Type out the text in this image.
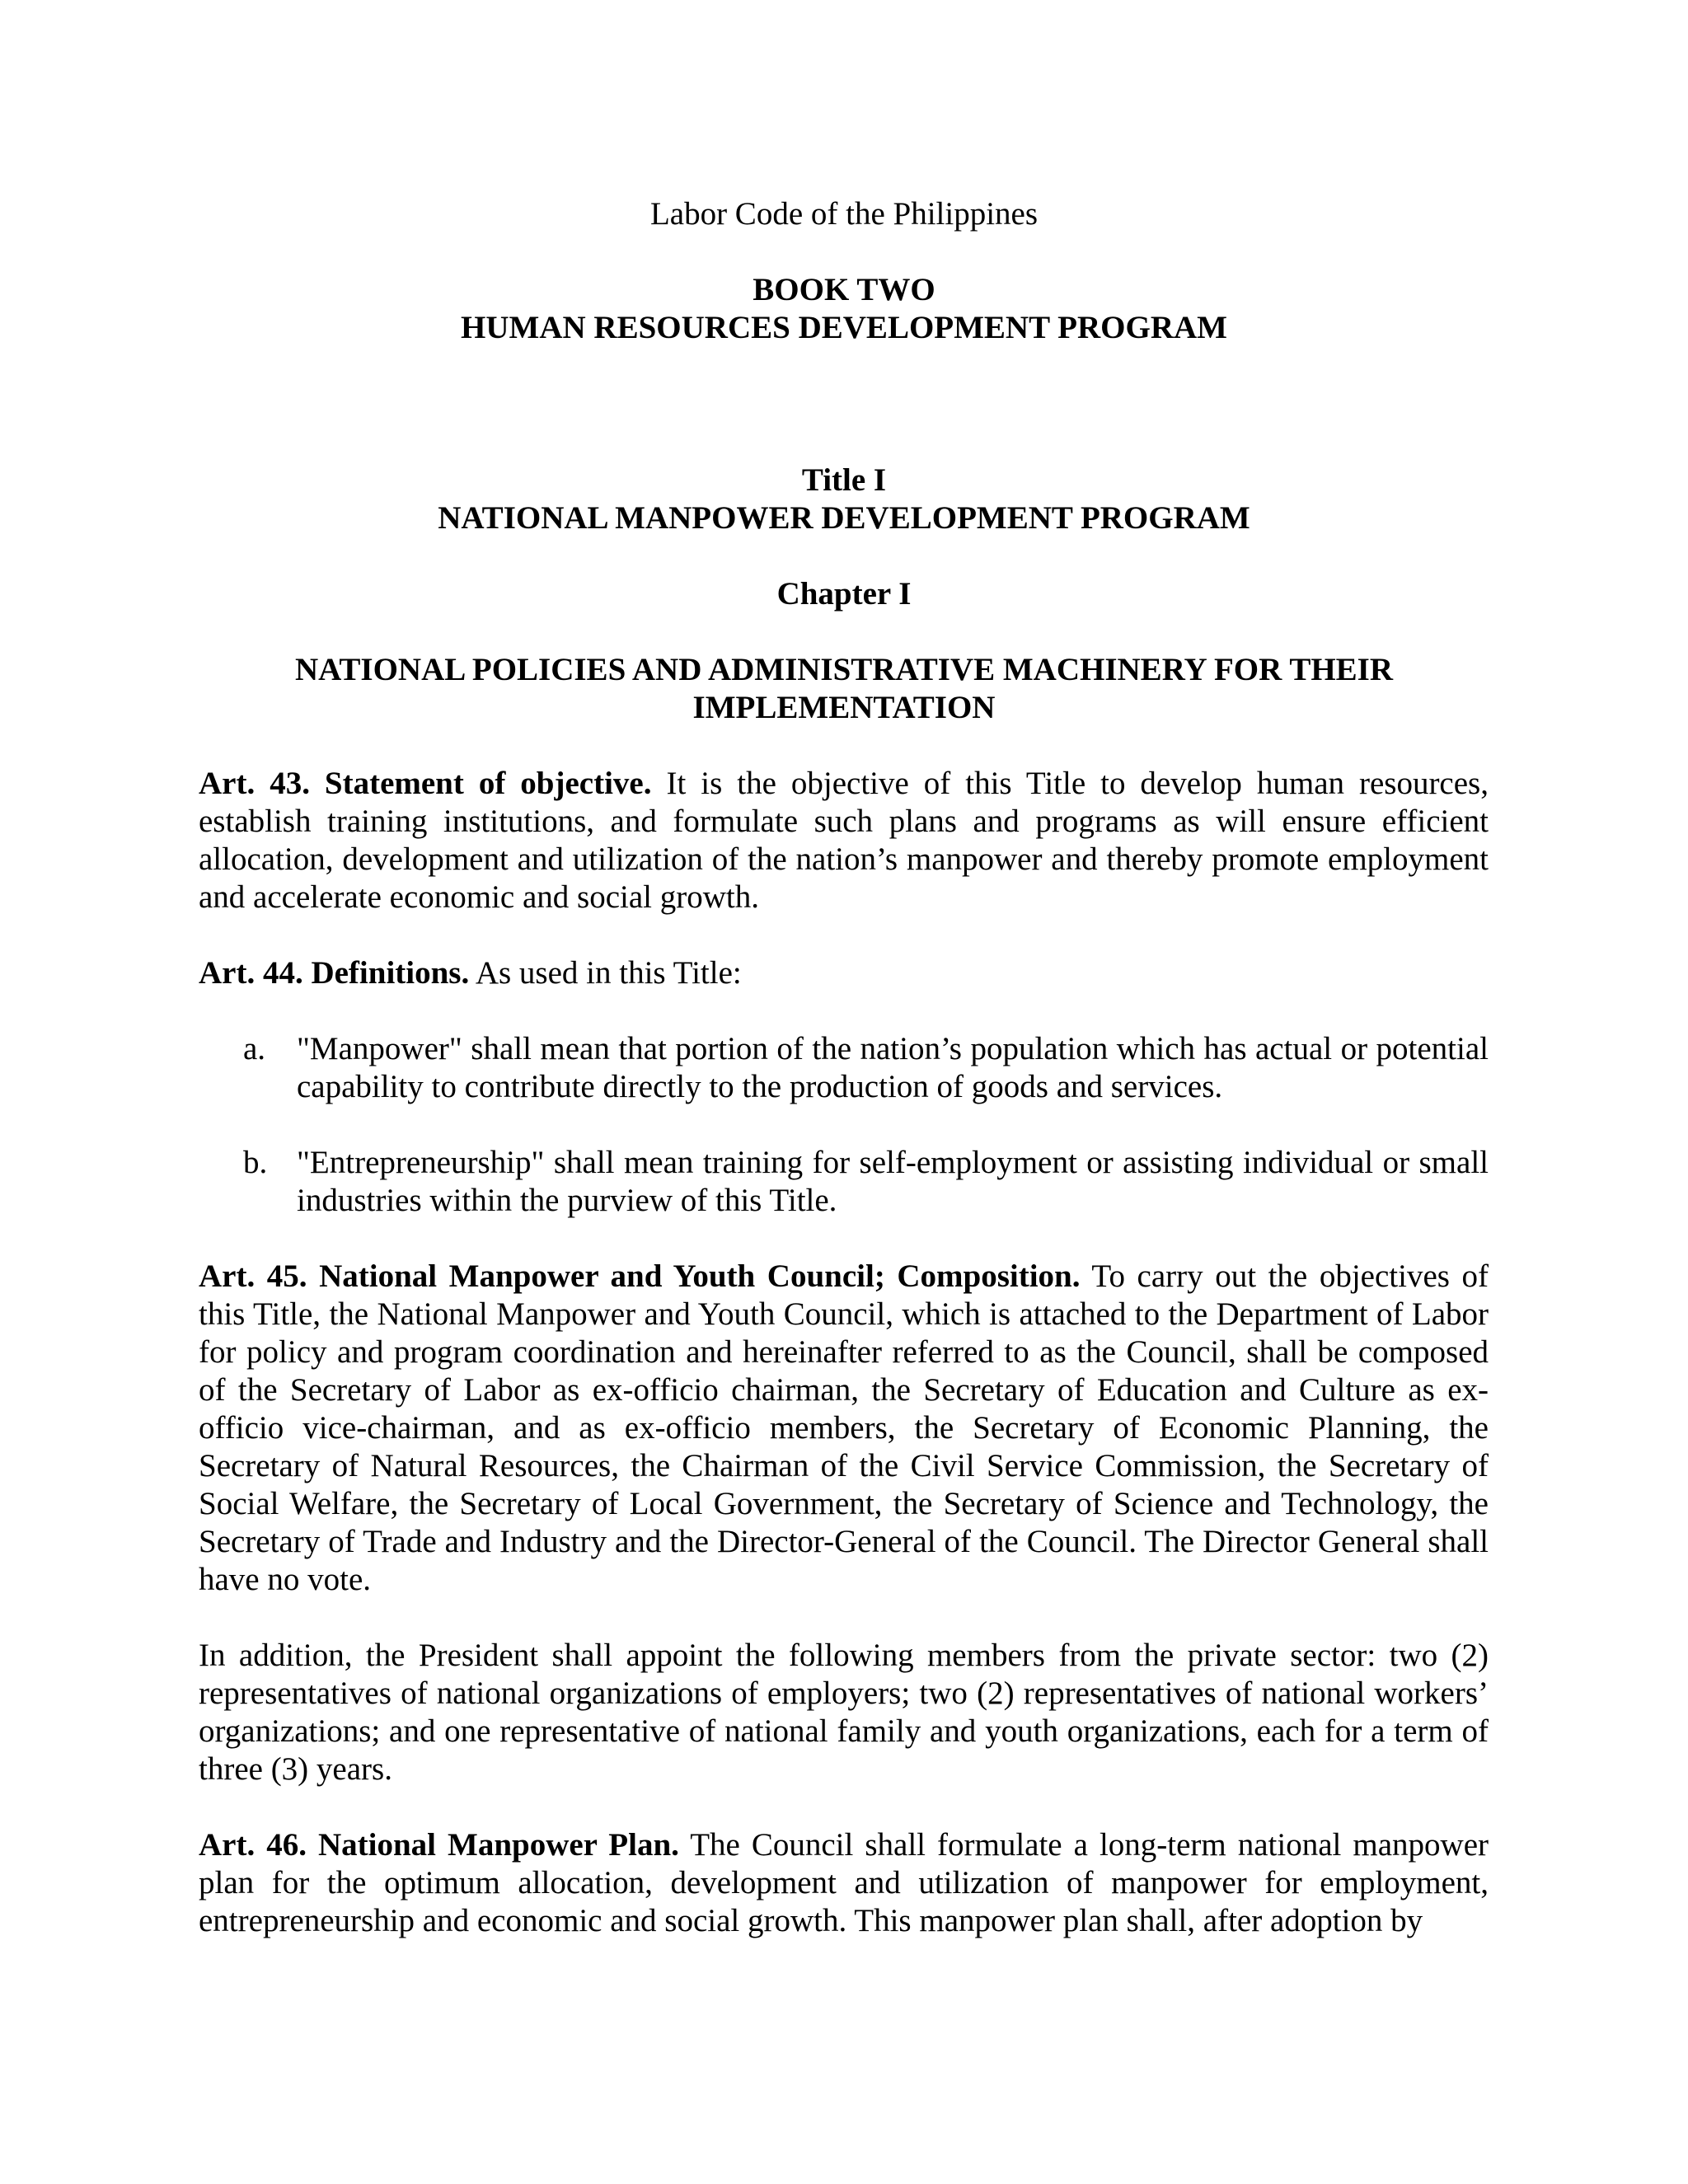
Labor Code of the Philippines

BOOK TWO

HUMAN RESOURCES DEVELOPMENT PROGRAM

Title I

NATIONAL MANPOWER DEVELOPMENT PROGRAM

Chapter I

NATIONAL POLICIES AND ADMINISTRATIVE MACHINERY FOR THEIR IMPLEMENTATION

Art. 43. Statement of objective. It is the objective of this Title to develop human resources, establish training institutions, and formulate such plans and programs as will ensure efficient allocation, development and utilization of the nation’s manpower and thereby promote employment and accelerate economic and social growth.

Art. 44. Definitions. As used in this Title:

a. "Manpower" shall mean that portion of the nation’s population which has actual or potential capability to contribute directly to the production of goods and services.
b. "Entrepreneurship" shall mean training for self-employment or assisting individual or small industries within the purview of this Title.

Art. 45. National Manpower and Youth Council; Composition. To carry out the objectives of this Title, the National Manpower and Youth Council, which is attached to the Department of Labor for policy and program coordination and hereinafter referred to as the Council, shall be composed of the Secretary of Labor as ex-officio chairman, the Secretary of Education and Culture as ex-officio vice-chairman, and as ex-officio members, the Secretary of Economic Planning, the Secretary of Natural Resources, the Chairman of the Civil Service Commission, the Secretary of Social Welfare, the Secretary of Local Government, the Secretary of Science and Technology, the Secretary of Trade and Industry and the Director-General of the Council. The Director General shall have no vote.

In addition, the President shall appoint the following members from the private sector: two (2) representatives of national organizations of employers; two (2) representatives of national workers’ organizations; and one representative of national family and youth organizations, each for a term of three (3) years.

Art. 46. National Manpower Plan. The Council shall formulate a long-term national manpower plan for the optimum allocation, development and utilization of manpower for employment, entrepreneurship and economic and social growth. This manpower plan shall, after adoption by
